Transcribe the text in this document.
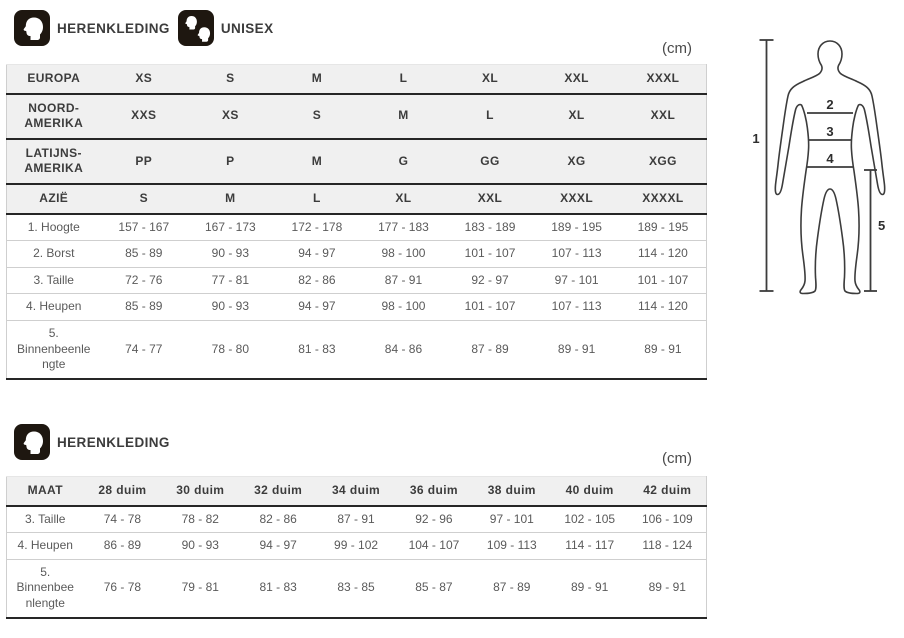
HERENKLEDING	UNISEX
(cm)
EUROPA	XS	S	M	L	XL	XXL	XXXL
NOORD-AMERIKA	XXS	XS	S	M	L	XL	XXL
LATIJNS-AMERIKA	PP	P	M	G	GG	XG	XGG
AZIË	S	M	L	XL	XXL	XXXL	XXXXL
1. Hoogte	157 - 167	167 - 173	172 - 178	177 - 183	183 - 189	189 - 195	189 - 195
2. Borst	85 - 89	90 - 93	94 - 97	98 - 100	101 - 107	107 - 113	114 - 120
3. Taille	72 - 76	77 - 81	82 - 86	87 - 91	92 - 97	97 - 101	101 - 107
4. Heupen	85 - 89	90 - 93	94 - 97	98 - 100	101 - 107	107 - 113	114 - 120
5. Binnenbeenlengte	74 - 77	78 - 80	81 - 83	84 - 86	87 - 89	89 - 91	89 - 91
1
2
3
4
5
HERENKLEDING
(cm)
MAAT	28 duim	30 duim	32 duim	34 duim	36 duim	38 duim	40 duim	42 duim
3. Taille	74 - 78	78 - 82	82 - 86	87 - 91	92 - 96	97 - 101	102 - 105	106 - 109
4. Heupen	86 - 89	90 - 93	94 - 97	99 - 102	104 - 107	109 - 113	114 - 117	118 - 124
5. Binnenbeenlengte	76 - 78	79 - 81	81 - 83	83 - 85	85 - 87	87 - 89	89 - 91	89 - 91
